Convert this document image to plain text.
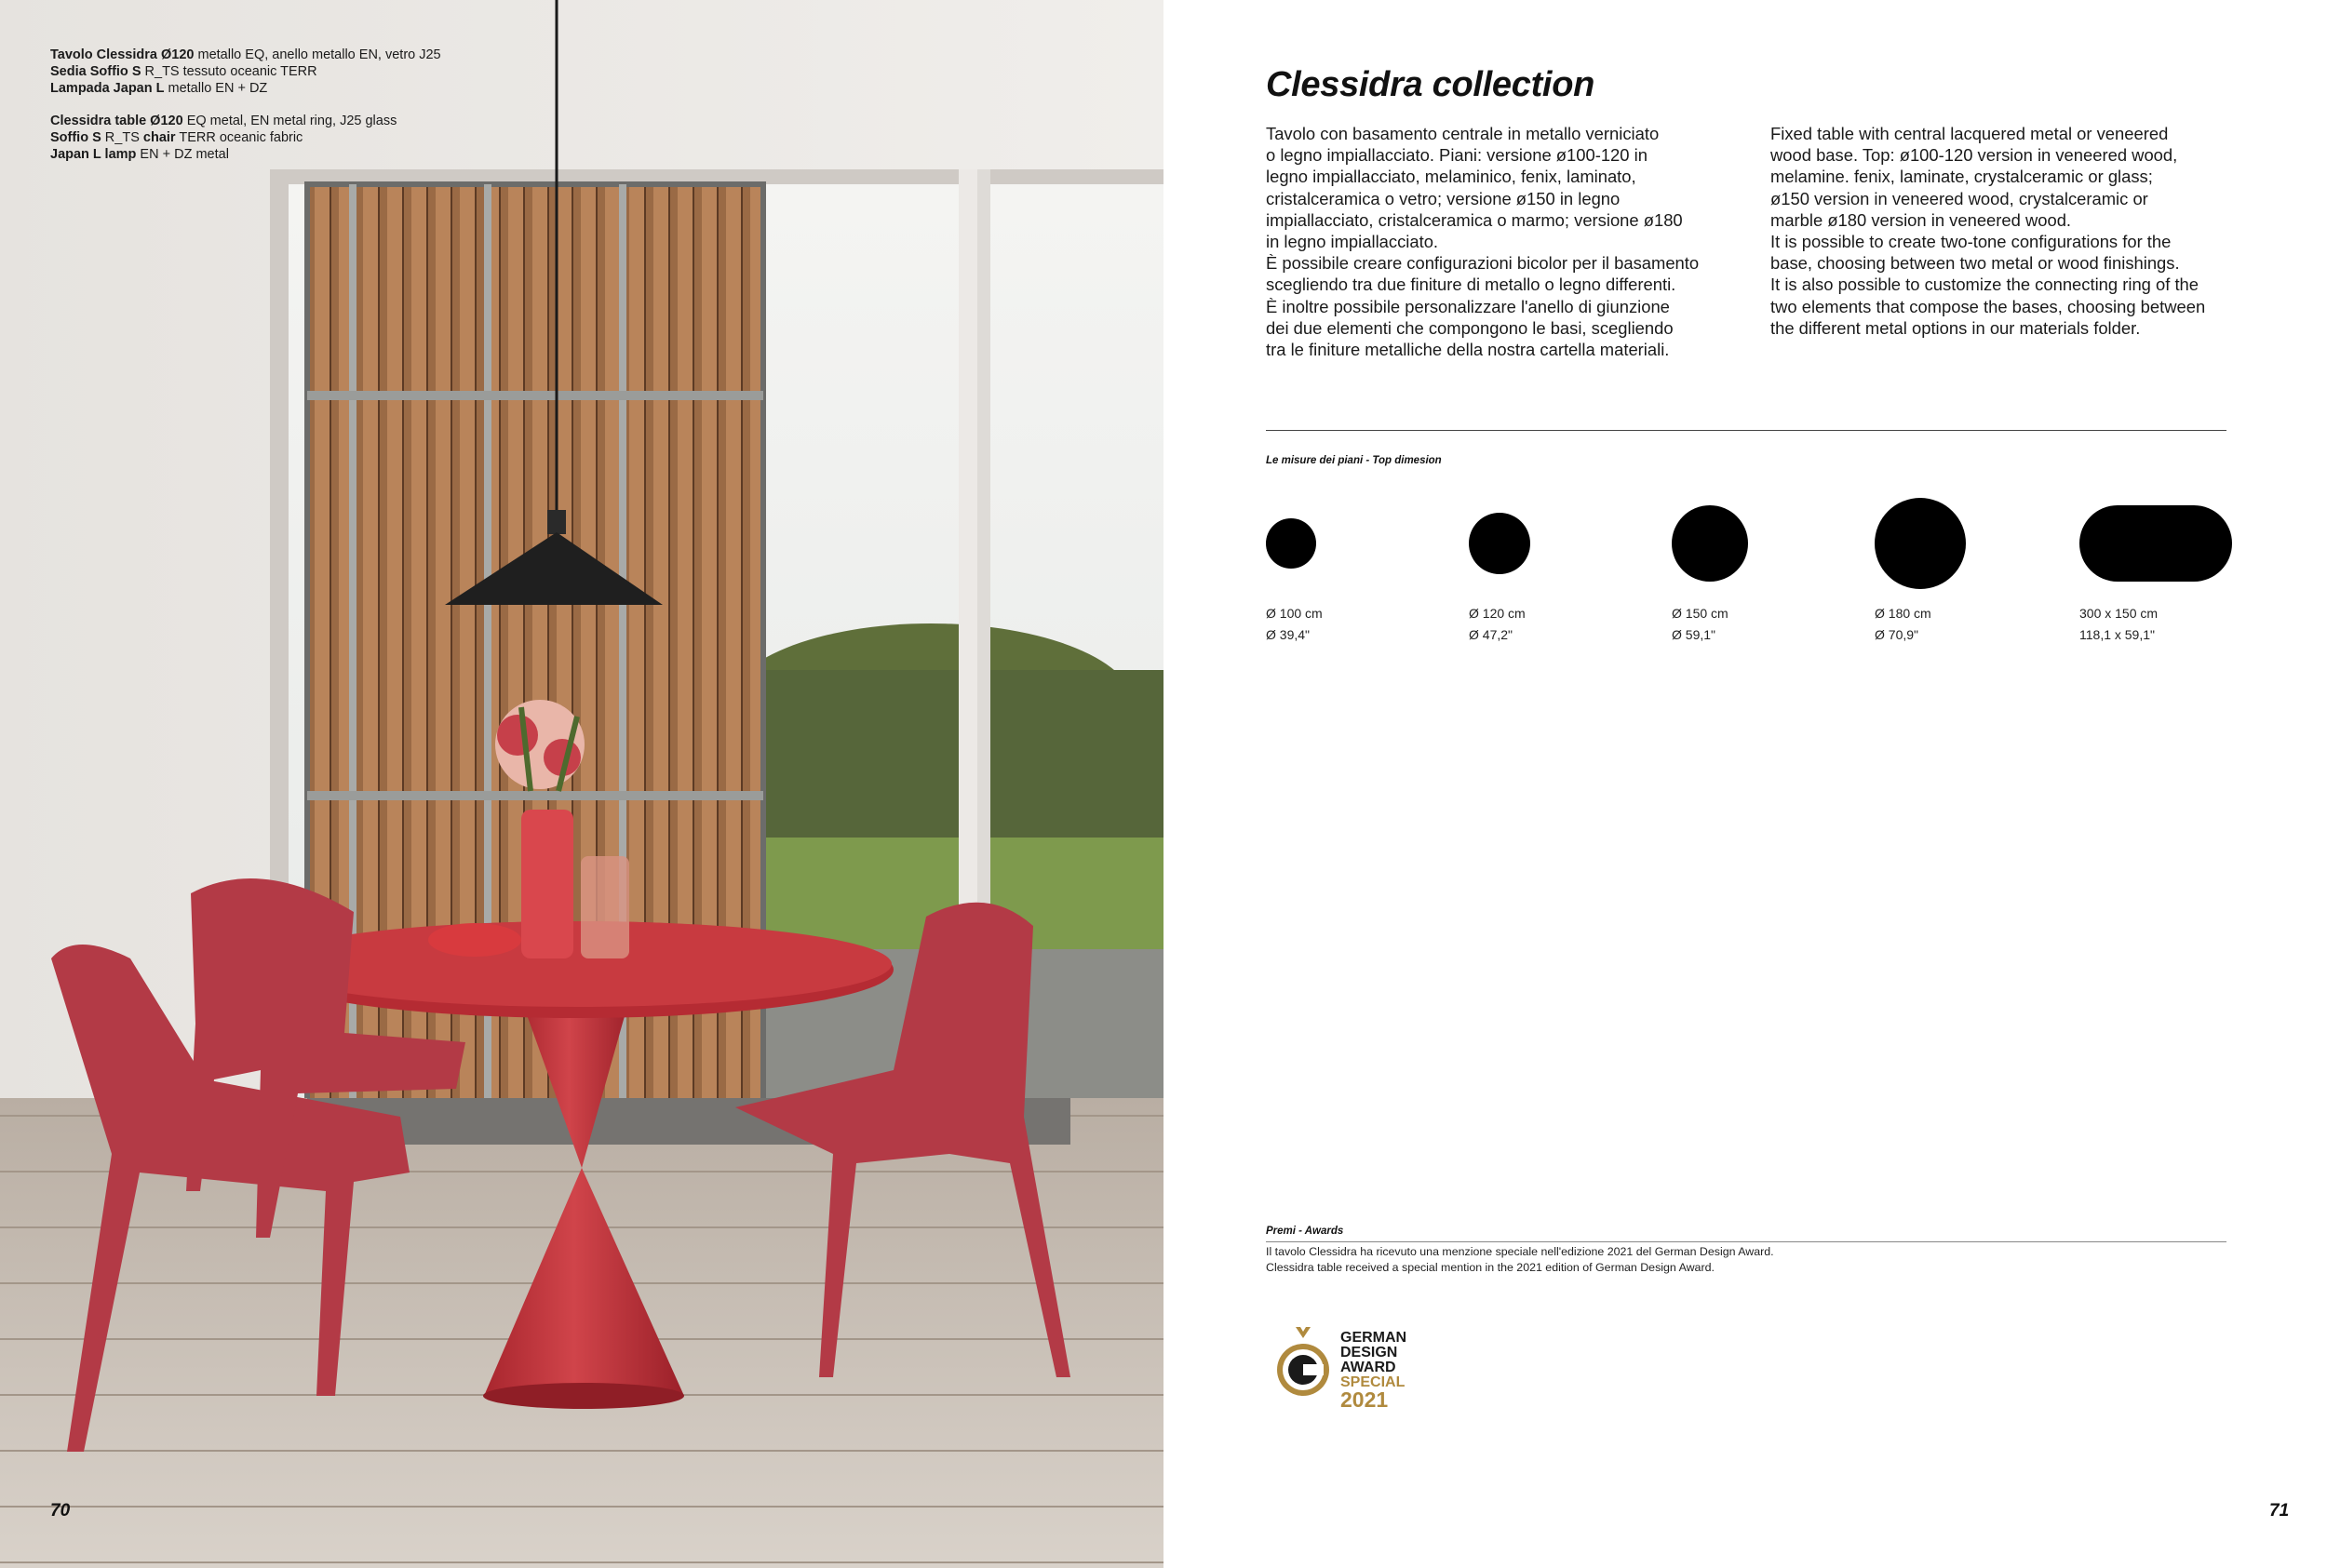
Tavolo Clessidra Ø120 metallo EQ, anello metallo EN, vetro J25

Sedia Soffio S R_TS tessuto oceanic TERR

Lampada Japan L metallo EN + DZ

Clessidra table Ø120 EQ metal, EN metal ring, J25 glass

Soffio S R_TS chair TERR oceanic fabric

Japan L lamp EN + DZ metal

70
Clessidra collection

Tavolo con basamento centrale in metallo verniciato

o legno impiallacciato. Piani: versione ø100-120 in

legno impiallacciato, melaminico, fenix, laminato,

cristalceramica o vetro; versione ø150 in legno

impiallacciato, cristalceramica o marmo; versione ø180

in legno impiallacciato.

È possibile creare configurazioni bicolor per il basamento

scegliendo tra due finiture di metallo o legno differenti.

È inoltre possibile personalizzare l'anello di giunzione

dei due elementi che compongono le basi, scegliendo

tra le finiture metalliche della nostra cartella materiali.

Fixed table with central lacquered metal or veneered

wood base. Top: ø100-120 version in veneered wood,

melamine. fenix, laminate, crystalceramic or glass;

ø150 version in veneered wood, crystalceramic or

marble ø180 version in veneered wood.

It is possible to create two-tone configurations for the

base, choosing between two metal or wood finishings.

It is also possible to customize the connecting ring of the

two elements that compose the bases, choosing between

the different metal options in our materials folder.

Le misure dei piani - Top dimesion

Ø 100 cm

Ø 39,4"

Ø 120 cm

Ø 47,2"

Ø 150 cm

Ø 59,1"

Ø 180 cm

Ø 70,9"

300 x 150 cm

118,1 x 59,1"

Premi - Awards

Il tavolo Clessidra ha ricevuto una menzione speciale nell'edizione 2021 del German Design Award.

Clessidra table received a special mention in the 2021 edition of German Design Award.

GERMAN
DESIGN
AWARD
SPECIAL
2021
71
